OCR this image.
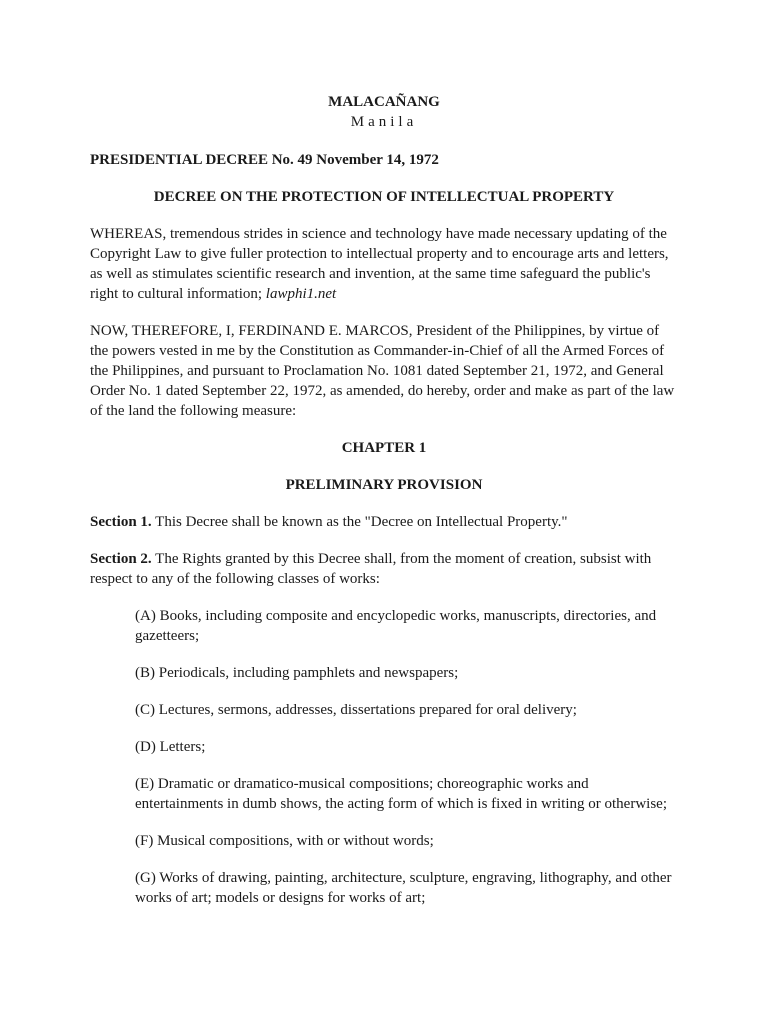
MALACAÑANG

Manila

PRESIDENTIAL DECREE No. 49 November 14, 1972

DECREE ON THE PROTECTION OF INTELLECTUAL PROPERTY

WHEREAS, tremendous strides in science and technology have made necessary updating of the Copyright Law to give fuller protection to intellectual property and to encourage arts and letters, as well as stimulates scientific research and invention, at the same time safeguard the public's right to cultural information; lawphi1.net

NOW, THEREFORE, I, FERDINAND E. MARCOS, President of the Philippines, by virtue of the powers vested in me by the Constitution as Commander-in-Chief of all the Armed Forces of the Philippines, and pursuant to Proclamation No. 1081 dated September 21, 1972, and General Order No. 1 dated September 22, 1972, as amended, do hereby, order and make as part of the law of the land the following measure:

CHAPTER 1

PRELIMINARY PROVISION

Section 1. This Decree shall be known as the "Decree on Intellectual Property."

Section 2. The Rights granted by this Decree shall, from the moment of creation, subsist with respect to any of the following classes of works:

(A) Books, including composite and encyclopedic works, manuscripts, directories, and gazetteers;

(B) Periodicals, including pamphlets and newspapers;

(C) Lectures, sermons, addresses, dissertations prepared for oral delivery;

(D) Letters;

(E) Dramatic or dramatico-musical compositions; choreographic works and entertainments in dumb shows, the acting form of which is fixed in writing or otherwise;

(F) Musical compositions, with or without words;

(G) Works of drawing, painting, architecture, sculpture, engraving, lithography, and other works of art; models or designs for works of art;
